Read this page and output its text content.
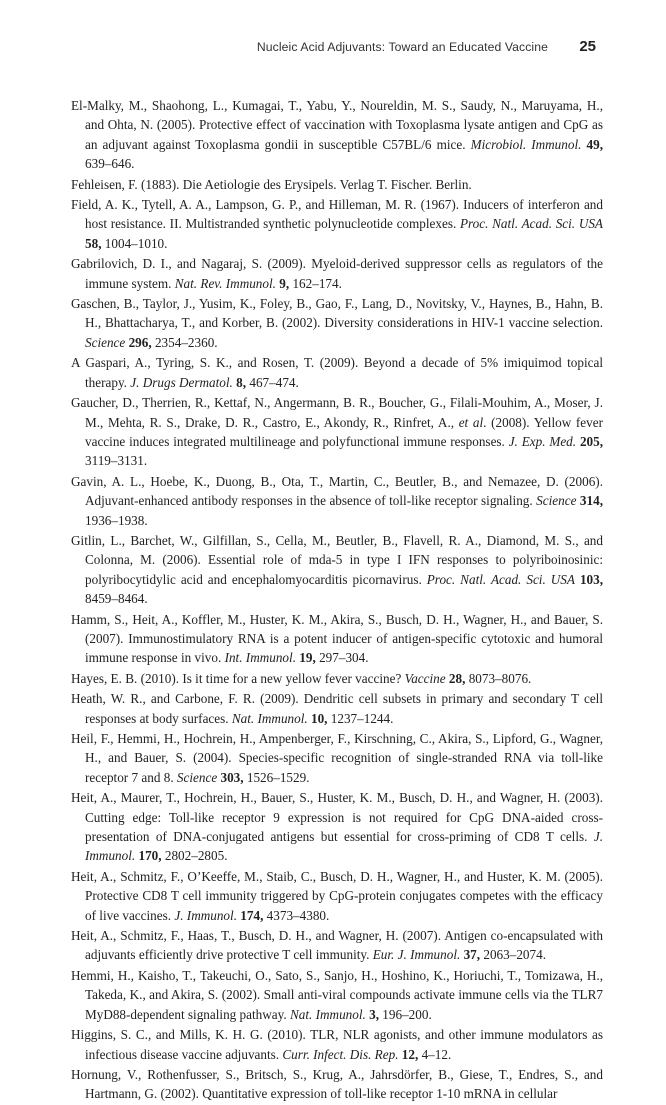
Nucleic Acid Adjuvants: Toward an Educated Vaccine 25

El-Malky, M., Shaohong, L., Kumagai, T., Yabu, Y., Noureldin, M. S., Saudy, N., Maruyama, H., and Ohta, N. (2005). Protective effect of vaccination with Toxoplasma lysate antigen and CpG as an adjuvant against Toxoplasma gondii in susceptible C57BL/6 mice. Microbiol. Immunol. 49, 639–646.

Fehleisen, F. (1883). Die Aetiologie des Erysipels. Verlag T. Fischer. Berlin.

Field, A. K., Tytell, A. A., Lampson, G. P., and Hilleman, M. R. (1967). Inducers of interferon and host resistance. II. Multistranded synthetic polynucleotide complexes. Proc. Natl. Acad. Sci. USA 58, 1004–1010.

Gabrilovich, D. I., and Nagaraj, S. (2009). Myeloid-derived suppressor cells as regulators of the immune system. Nat. Rev. Immunol. 9, 162–174.

Gaschen, B., Taylor, J., Yusim, K., Foley, B., Gao, F., Lang, D., Novitsky, V., Haynes, B., Hahn, B. H., Bhattacharya, T., and Korber, B. (2002). Diversity considerations in HIV-1 vaccine selection. Science 296, 2354–2360.

A Gaspari, A., Tyring, S. K., and Rosen, T. (2009). Beyond a decade of 5% imiquimod topical therapy. J. Drugs Dermatol. 8, 467–474.

Gaucher, D., Therrien, R., Kettaf, N., Angermann, B. R., Boucher, G., Filali-Mouhim, A., Moser, J. M., Mehta, R. S., Drake, D. R., Castro, E., Akondy, R., Rinfret, A., et al. (2008). Yellow fever vaccine induces integrated multilineage and polyfunctional immune responses. J. Exp. Med. 205, 3119–3131.

Gavin, A. L., Hoebe, K., Duong, B., Ota, T., Martin, C., Beutler, B., and Nemazee, D. (2006). Adjuvant-enhanced antibody responses in the absence of toll-like receptor signaling. Science 314, 1936–1938.

Gitlin, L., Barchet, W., Gilfillan, S., Cella, M., Beutler, B., Flavell, R. A., Diamond, M. S., and Colonna, M. (2006). Essential role of mda-5 in type I IFN responses to polyriboinosinic: polyribocytidylic acid and encephalomyocarditis picornavirus. Proc. Natl. Acad. Sci. USA 103, 8459–8464.

Hamm, S., Heit, A., Koffler, M., Huster, K. M., Akira, S., Busch, D. H., Wagner, H., and Bauer, S. (2007). Immunostimulatory RNA is a potent inducer of antigen-specific cytotoxic and humoral immune response in vivo. Int. Immunol. 19, 297–304.

Hayes, E. B. (2010). Is it time for a new yellow fever vaccine? Vaccine 28, 8073–8076.

Heath, W. R., and Carbone, F. R. (2009). Dendritic cell subsets in primary and secondary T cell responses at body surfaces. Nat. Immunol. 10, 1237–1244.

Heil, F., Hemmi, H., Hochrein, H., Ampenberger, F., Kirschning, C., Akira, S., Lipford, G., Wagner, H., and Bauer, S. (2004). Species-specific recognition of single-stranded RNA via toll-like receptor 7 and 8. Science 303, 1526–1529.

Heit, A., Maurer, T., Hochrein, H., Bauer, S., Huster, K. M., Busch, D. H., and Wagner, H. (2003). Cutting edge: Toll-like receptor 9 expression is not required for CpG DNA-aided cross-presentation of DNA-conjugated antigens but essential for cross-priming of CD8 T cells. J. Immunol. 170, 2802–2805.

Heit, A., Schmitz, F., O’Keeffe, M., Staib, C., Busch, D. H., Wagner, H., and Huster, K. M. (2005). Protective CD8 T cell immunity triggered by CpG-protein conjugates competes with the efficacy of live vaccines. J. Immunol. 174, 4373–4380.

Heit, A., Schmitz, F., Haas, T., Busch, D. H., and Wagner, H. (2007). Antigen co-encapsulated with adjuvants efficiently drive protective T cell immunity. Eur. J. Immunol. 37, 2063–2074.

Hemmi, H., Kaisho, T., Takeuchi, O., Sato, S., Sanjo, H., Hoshino, K., Horiuchi, T., Tomizawa, H., Takeda, K., and Akira, S. (2002). Small anti-viral compounds activate immune cells via the TLR7 MyD88-dependent signaling pathway. Nat. Immunol. 3, 196–200.

Higgins, S. C., and Mills, K. H. G. (2010). TLR, NLR agonists, and other immune modulators as infectious disease vaccine adjuvants. Curr. Infect. Dis. Rep. 12, 4–12.

Hornung, V., Rothenfusser, S., Britsch, S., Krug, A., Jahrsdörfer, B., Giese, T., Endres, S., and Hartmann, G. (2002). Quantitative expression of toll-like receptor 1-10 mRNA in cellular
